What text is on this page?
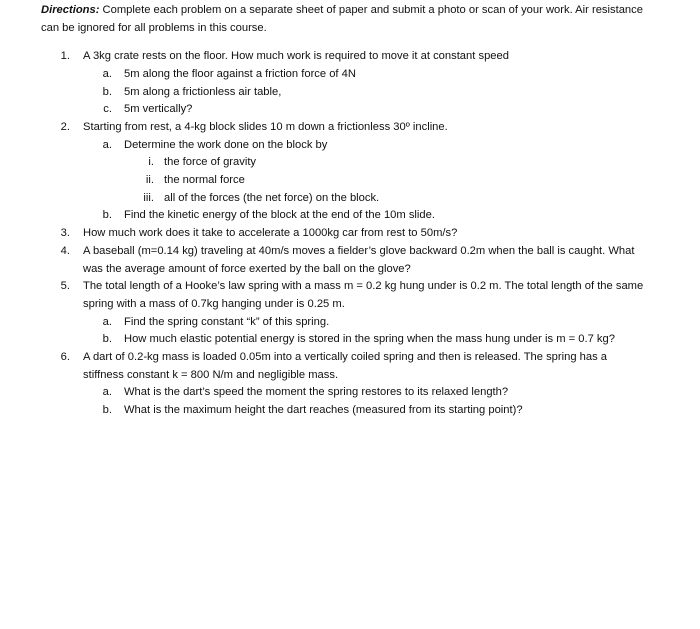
Directions: Complete each problem on a separate sheet of paper and submit a photo or scan of your work. Air resistance
can be ignored for all problems in this course.
1. A 3kg crate rests on the floor. How much work is required to move it at constant speed
a. 5m along the floor against a friction force of 4N
b. 5m along a frictionless air table,
c. 5m vertically?
2. Starting from rest, a 4-kg block slides 10 m down a frictionless 30º incline.
a. Determine the work done on the block by
i. the force of gravity
ii. the normal force
iii. all of the forces (the net force) on the block.
b. Find the kinetic energy of the block at the end of the 10m slide.
3. How much work does it take to accelerate a 1000kg car from rest to 50m/s?
4. A baseball (m=0.14 kg) traveling at 40m/s moves a fielder’s glove backward 0.2m when the ball is caught. What
was the average amount of force exerted by the ball on the glove?
5. The total length of a Hooke’s law spring with a mass m = 0.2 kg hung under is 0.2 m. The total length of the same
spring with a mass of 0.7kg hanging under is 0.25 m.
a. Find the spring constant “k” of this spring.
b. How much elastic potential energy is stored in the spring when the mass hung under is m = 0.7 kg?
6. A dart of 0.2-kg mass is loaded 0.05m into a vertically coiled spring and then is released. The spring has a
stiffness constant k = 800 N/m and negligible mass.
a. What is the dart’s speed the moment the spring restores to its relaxed length?
b. What is the maximum height the dart reaches (measured from its starting point)?
